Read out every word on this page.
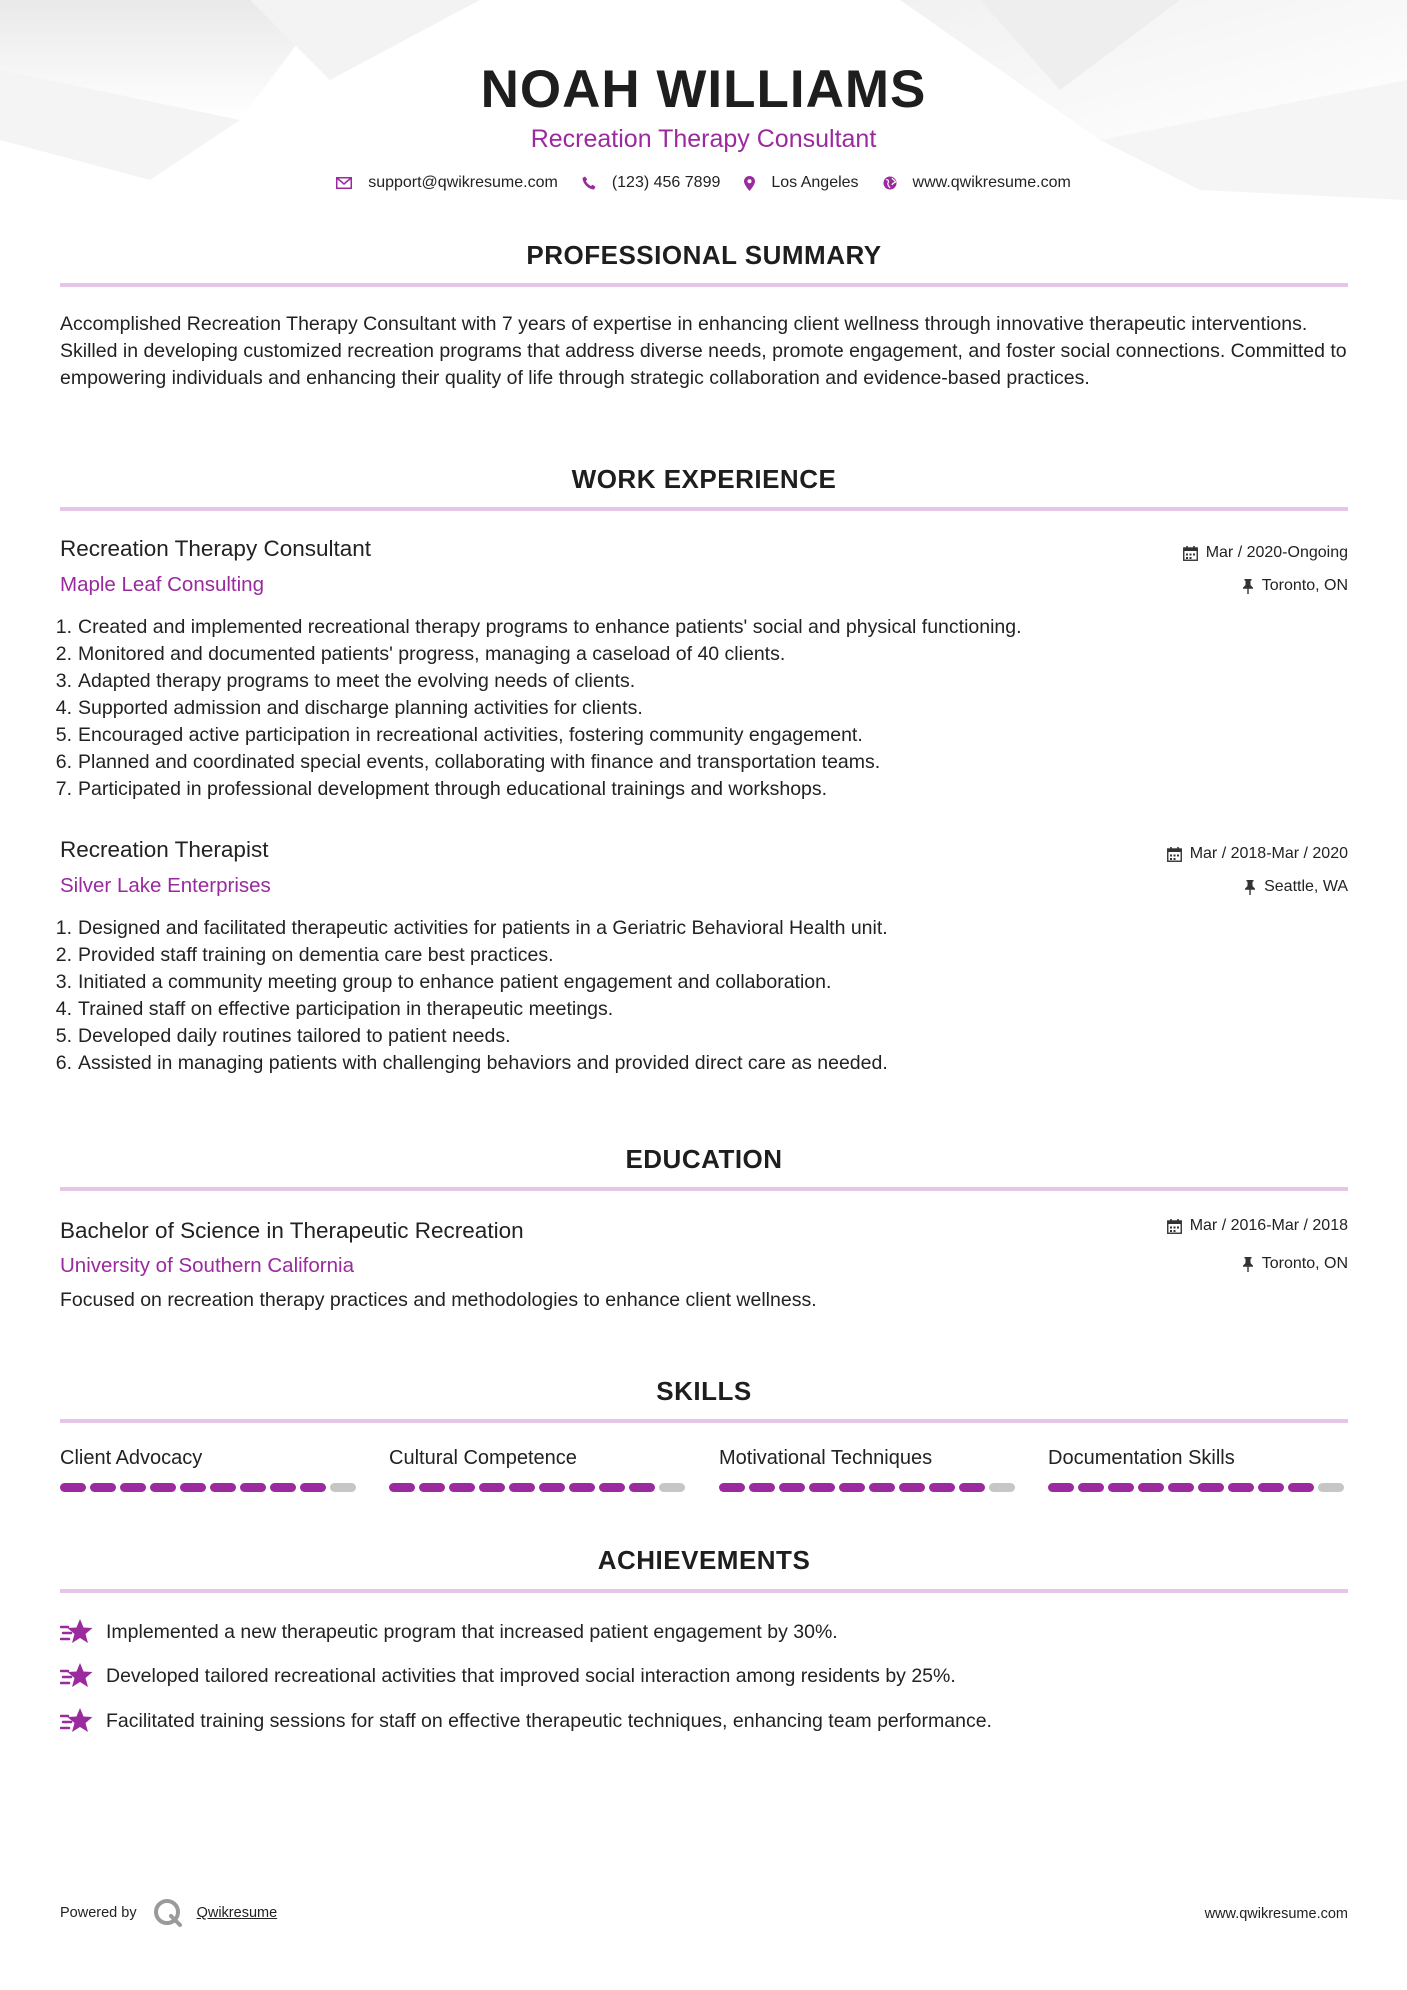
NOAH WILLIAMS
Recreation Therapy Consultant
support@qwikresume.com	(123) 456 7899	Los Angeles	www.qwikresume.com
PROFESSIONAL SUMMARY
Accomplished Recreation Therapy Consultant with 7 years of expertise in enhancing client wellness through innovative therapeutic interventions. Skilled in developing customized recreation programs that address diverse needs, promote engagement, and foster social connections. Committed to empowering individuals and enhancing their quality of life through strategic collaboration and evidence-based practices.
WORK EXPERIENCE
Recreation Therapy Consultant
Maple Leaf Consulting
Mar / 2020-Ongoing
Toronto, ON
1. Created and implemented recreational therapy programs to enhance patients' social and physical functioning.
2. Monitored and documented patients' progress, managing a caseload of 40 clients.
3. Adapted therapy programs to meet the evolving needs of clients.
4. Supported admission and discharge planning activities for clients.
5. Encouraged active participation in recreational activities, fostering community engagement.
6. Planned and coordinated special events, collaborating with finance and transportation teams.
7. Participated in professional development through educational trainings and workshops.
Recreation Therapist
Silver Lake Enterprises
Mar / 2018-Mar / 2020
Seattle, WA
1. Designed and facilitated therapeutic activities for patients in a Geriatric Behavioral Health unit.
2. Provided staff training on dementia care best practices.
3. Initiated a community meeting group to enhance patient engagement and collaboration.
4. Trained staff on effective participation in therapeutic meetings.
5. Developed daily routines tailored to patient needs.
6. Assisted in managing patients with challenging behaviors and provided direct care as needed.
EDUCATION
Bachelor of Science in Therapeutic Recreation
University of Southern California
Mar / 2016-Mar / 2018
Toronto, ON
Focused on recreation therapy practices and methodologies to enhance client wellness.
SKILLS
Client Advocacy	Cultural Competence	Motivational Techniques	Documentation Skills
ACHIEVEMENTS
Implemented a new therapeutic program that increased patient engagement by 30%.
Developed tailored recreational activities that improved social interaction among residents by 25%.
Facilitated training sessions for staff on effective therapeutic techniques, enhancing team performance.
Powered by	Qwikresume	www.qwikresume.com
